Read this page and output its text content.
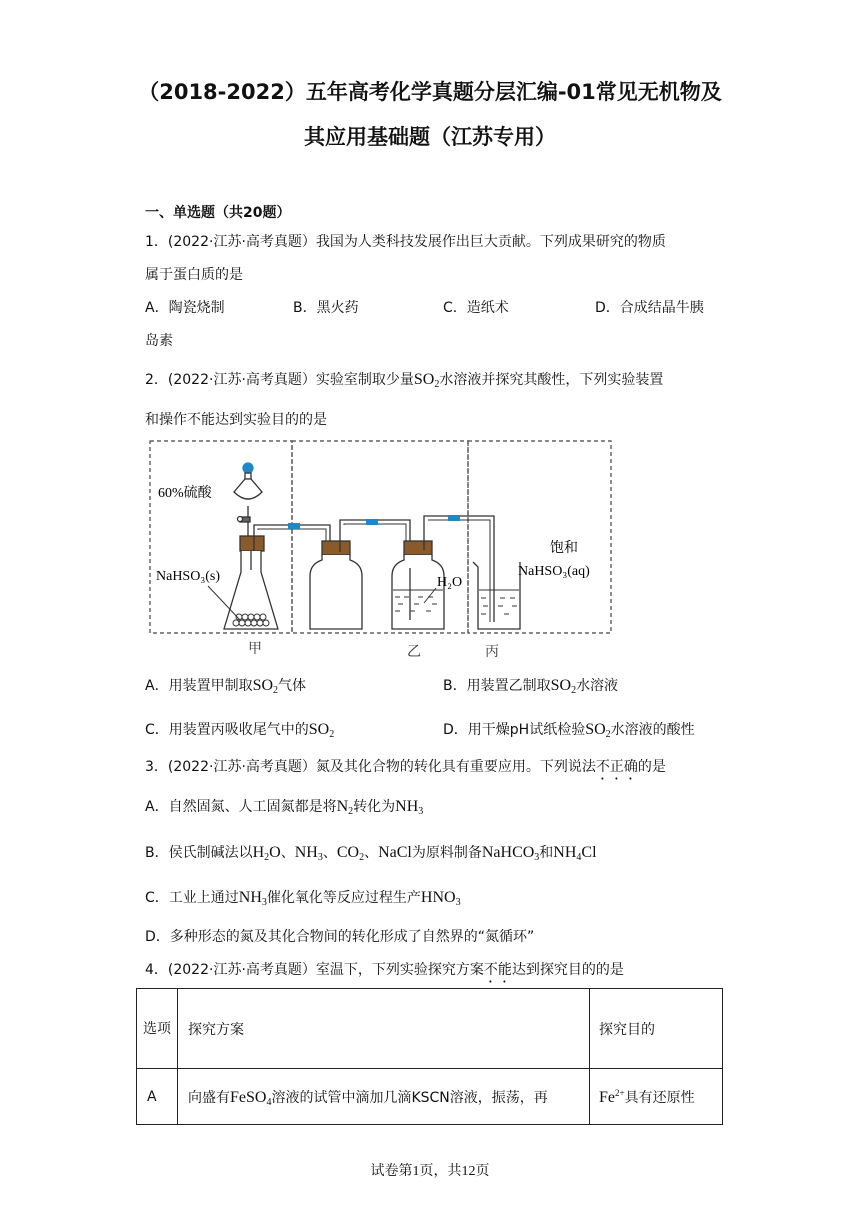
（2018-2022）五年高考化学真题分层汇编-01常见无机物及
其应用基础题（江苏专用）
一、单选题（共20题）
1．(2022·江苏·高考真题）我国为人类科技发展作出巨大贡献。下列成果研究的物质
属于蛋白质的是
A．陶瓷烧制	B．黑火药	C．造纸术	D．合成结晶牛胰
岛素
2．(2022·江苏·高考真题）实验室制取少量$SO_2$水溶液并探究其酸性，下列实验装置
和操作不能达到实验目的的是
60%硫酸
NaHSO₃(s)	H₂O
饱和
NaHSO₃(aq)
甲	乙	丙
A．用装置甲制取$SO_2$气体	B．用装置乙制取$SO_2$水溶液
C．用装置丙吸收尾气中的$SO_2$	D．用干燥pH试纸检验$SO_2$水溶液的酸性
3．(2022·江苏·高考真题）氮及其化合物的转化具有重要应用。下列说法不正确的是
A．自然固氮、人工固氮都是将$N_2$转化为$NH_3$
B．侯氏制碱法以$H_2O$、$NH_3$、$CO_2$、NaCl为原料制备NaHCO$_3$和$NH_4Cl$
C．工业上通过$NH_3$催化氧化等反应过程生产$HNO_3$
D．多种形态的氮及其化合物间的转化形成了自然界的“氮循环”
4．(2022·江苏·高考真题）室温下，下列实验探究方案不能达到探究目的的是
选项	探究方案	探究目的
A	向盛有FeSO$_4$溶液的试管中滴加几滴KSCN溶液，振荡，再	$Fe^{2+}$具有还原性
试卷第1页，共12页
